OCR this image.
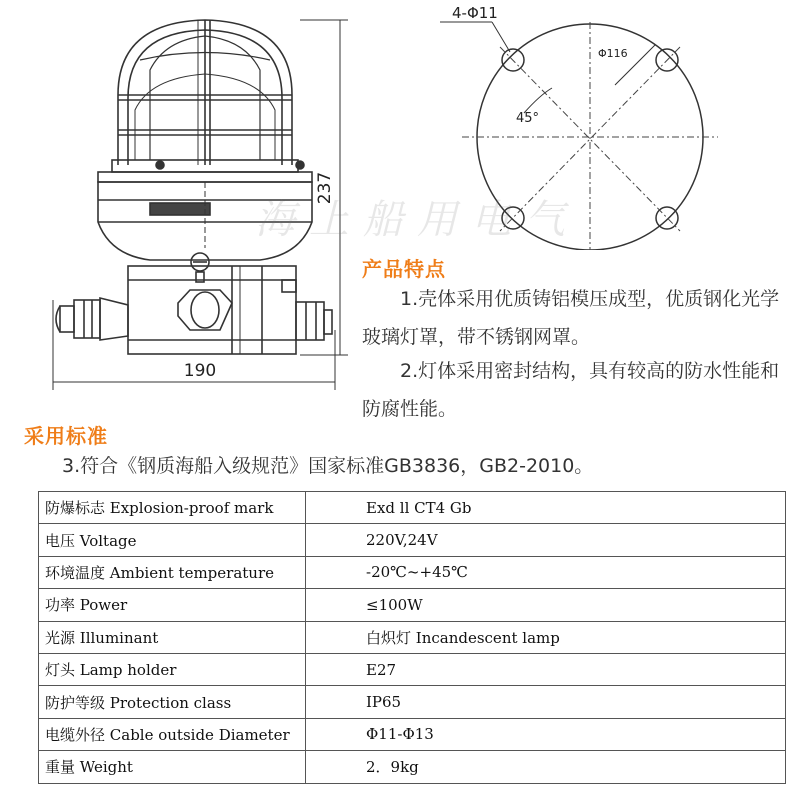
190
237
4-Φ11
Φ116
45°
海上船用电气
产品特点
1.壳体采用优质铸铝模压成型，优质钢化光学玻璃灯罩，带不锈钢网罩。
2.灯体采用密封结构，具有较高的防水性能和防腐性能。
采用标准
3.符合《钢质海船入级规范》国家标准GB3836，GB2-2010。
防爆标志 Explosion-proof mark	Exd ll CT4 Gb
电压 Voltage	220V,24V
环境温度 Ambient temperature	-20℃~+45℃
功率 Power	≤100W
光源 Illuminant	白炽灯 Incandescent lamp
灯头 Lamp holder	E27
防护等级 Protection class	IP65
电缆外径 Cable outside Diameter	Φ11-Φ13
重量 Weight	2．9kg
